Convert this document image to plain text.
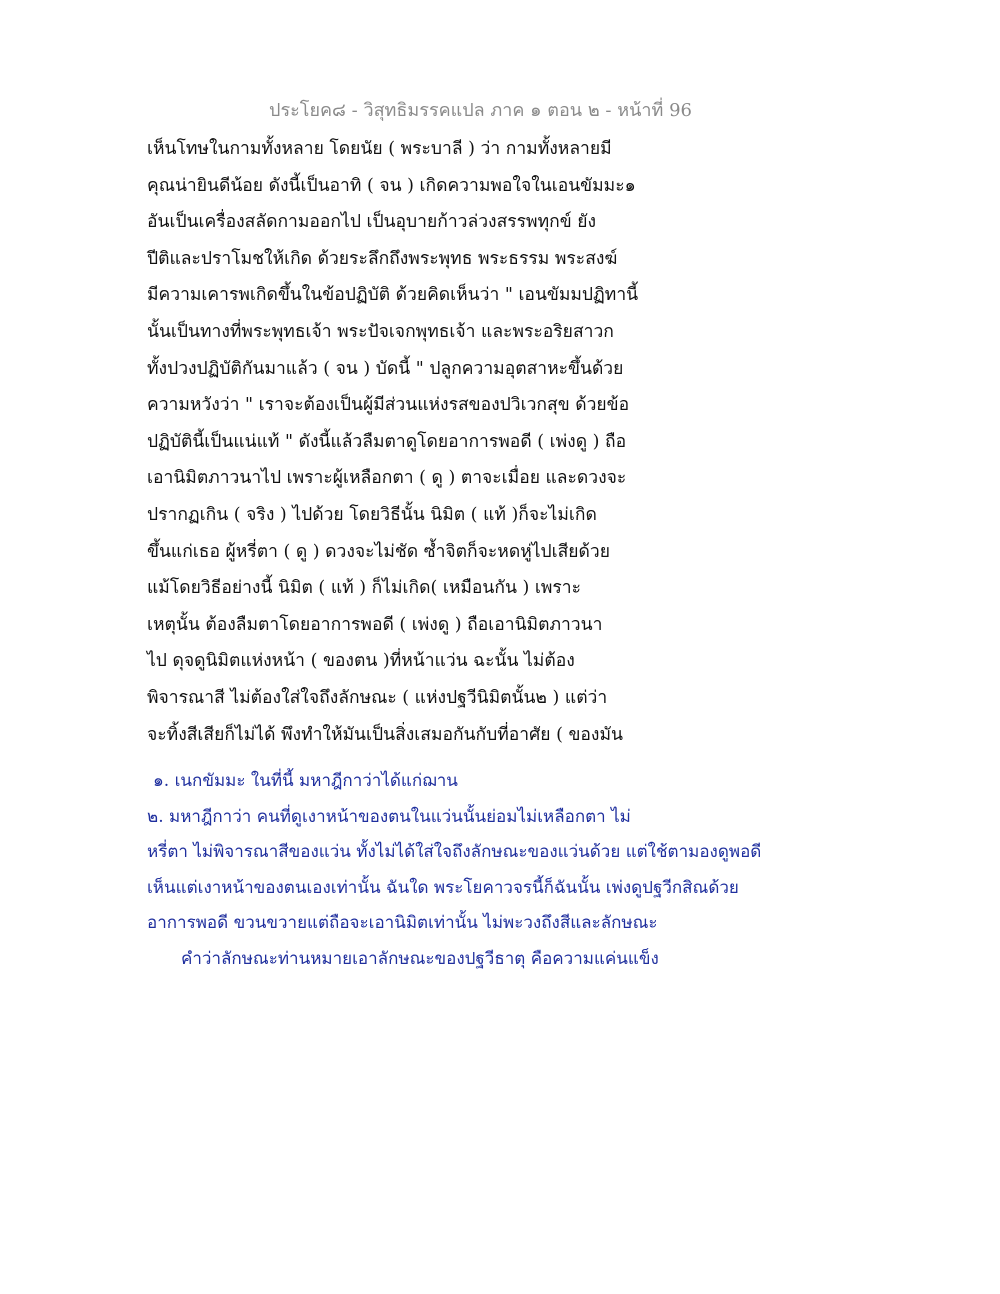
ประโยค๘ - วิสุทธิมรรคแปล ภาค ๑ ตอน ๒ - หน้าที่ 96
เห็นโทษในกามทั้งหลาย โดยนัย ( พระบาลี ) ว่า กามทั้งหลายมี
คุณน่ายินดีน้อย ดังนี้เป็นอาทิ ( จน ) เกิดความพอใจในเอนขัมมะ๑
อันเป็นเครื่องสลัดกามออกไป เป็นอุบายก้าวล่วงสรรพทุกข์ ยัง
ปีติและปราโมชให้เกิด ด้วยระลึกถึงพระพุทธ พระธรรม พระสงฆ์
มีความเคารพเกิดขึ้นในข้อปฏิบัติ ด้วยคิดเห็นว่า " เอนขัมมปฏิทานี้
นั้นเป็นทางที่พระพุทธเจ้า พระปัจเจกพุทธเจ้า และพระอริยสาวก
ทั้งปวงปฏิบัติกันมาแล้ว ( จน ) บัดนี้ " ปลูกความอุตสาหะขึ้นด้วย
ความหวังว่า " เราจะต้องเป็นผู้มีส่วนแห่งรสของปวิเวกสุข ด้วยข้อ
ปฏิบัตินี้เป็นแน่แท้ " ดังนี้แล้วลืมตาดูโดยอาการพอดี ( เพ่งดู ) ถือ
เอานิมิตภาวนาไป เพราะผู้เหลือกตา ( ดู ) ตาจะเมื่อย และดวงจะ
ปรากฏเกิน ( จริง ) ไปด้วย โดยวิธีนั้น นิมิต ( แท้ )ก็จะไม่เกิด
ขึ้นแก่เธอ ผู้หรี่ตา ( ดู ) ดวงจะไม่ชัด ซ้ำจิตก็จะหดหู่ไปเสียด้วย
แม้โดยวิธีอย่างนี้ นิมิต ( แท้ ) ก็ไม่เกิด( เหมือนกัน ) เพราะ
เหตุนั้น ต้องลืมตาโดยอาการพอดี ( เพ่งดู ) ถือเอานิมิตภาวนา
ไป ดุจดูนิมิตแห่งหน้า ( ของตน )ที่หน้าแว่น ฉะนั้น ไม่ต้อง
พิจารณาสี ไม่ต้องใส่ใจถึงลักษณะ ( แห่งปฐวีนิมิตนั้น๒ ) แต่ว่า
จะทิ้งสีเสียก็ไม่ได้ พึงทำให้มันเป็นสิ่งเสมอกันกับที่อาศัย ( ของมัน
๑. เนกขัมมะ ในที่นี้ มหาฎีกาว่าได้แก่ฌาน
๒. มหาฎีกาว่า คนที่ดูเงาหน้าของตนในแว่นนั้นย่อมไม่เหลือกตา ไม่
หรี่ตา ไม่พิจารณาสีของแว่น ทั้งไม่ได้ใส่ใจถึงลักษณะของแว่นด้วย แต่ใช้ตามองดูพอดี
เห็นแต่เงาหน้าของตนเองเท่านั้น ฉันใด พระโยคาวจรนี้ก็ฉันนั้น เพ่งดูปฐวีกสิณด้วย
อาการพอดี ขวนขวายแต่ถือจะเอานิมิตเท่านั้น ไม่พะวงถึงสีและลักษณะ
คำว่าลักษณะท่านหมายเอาลักษณะของปฐวีธาตุ คือความแค่นแข็ง
